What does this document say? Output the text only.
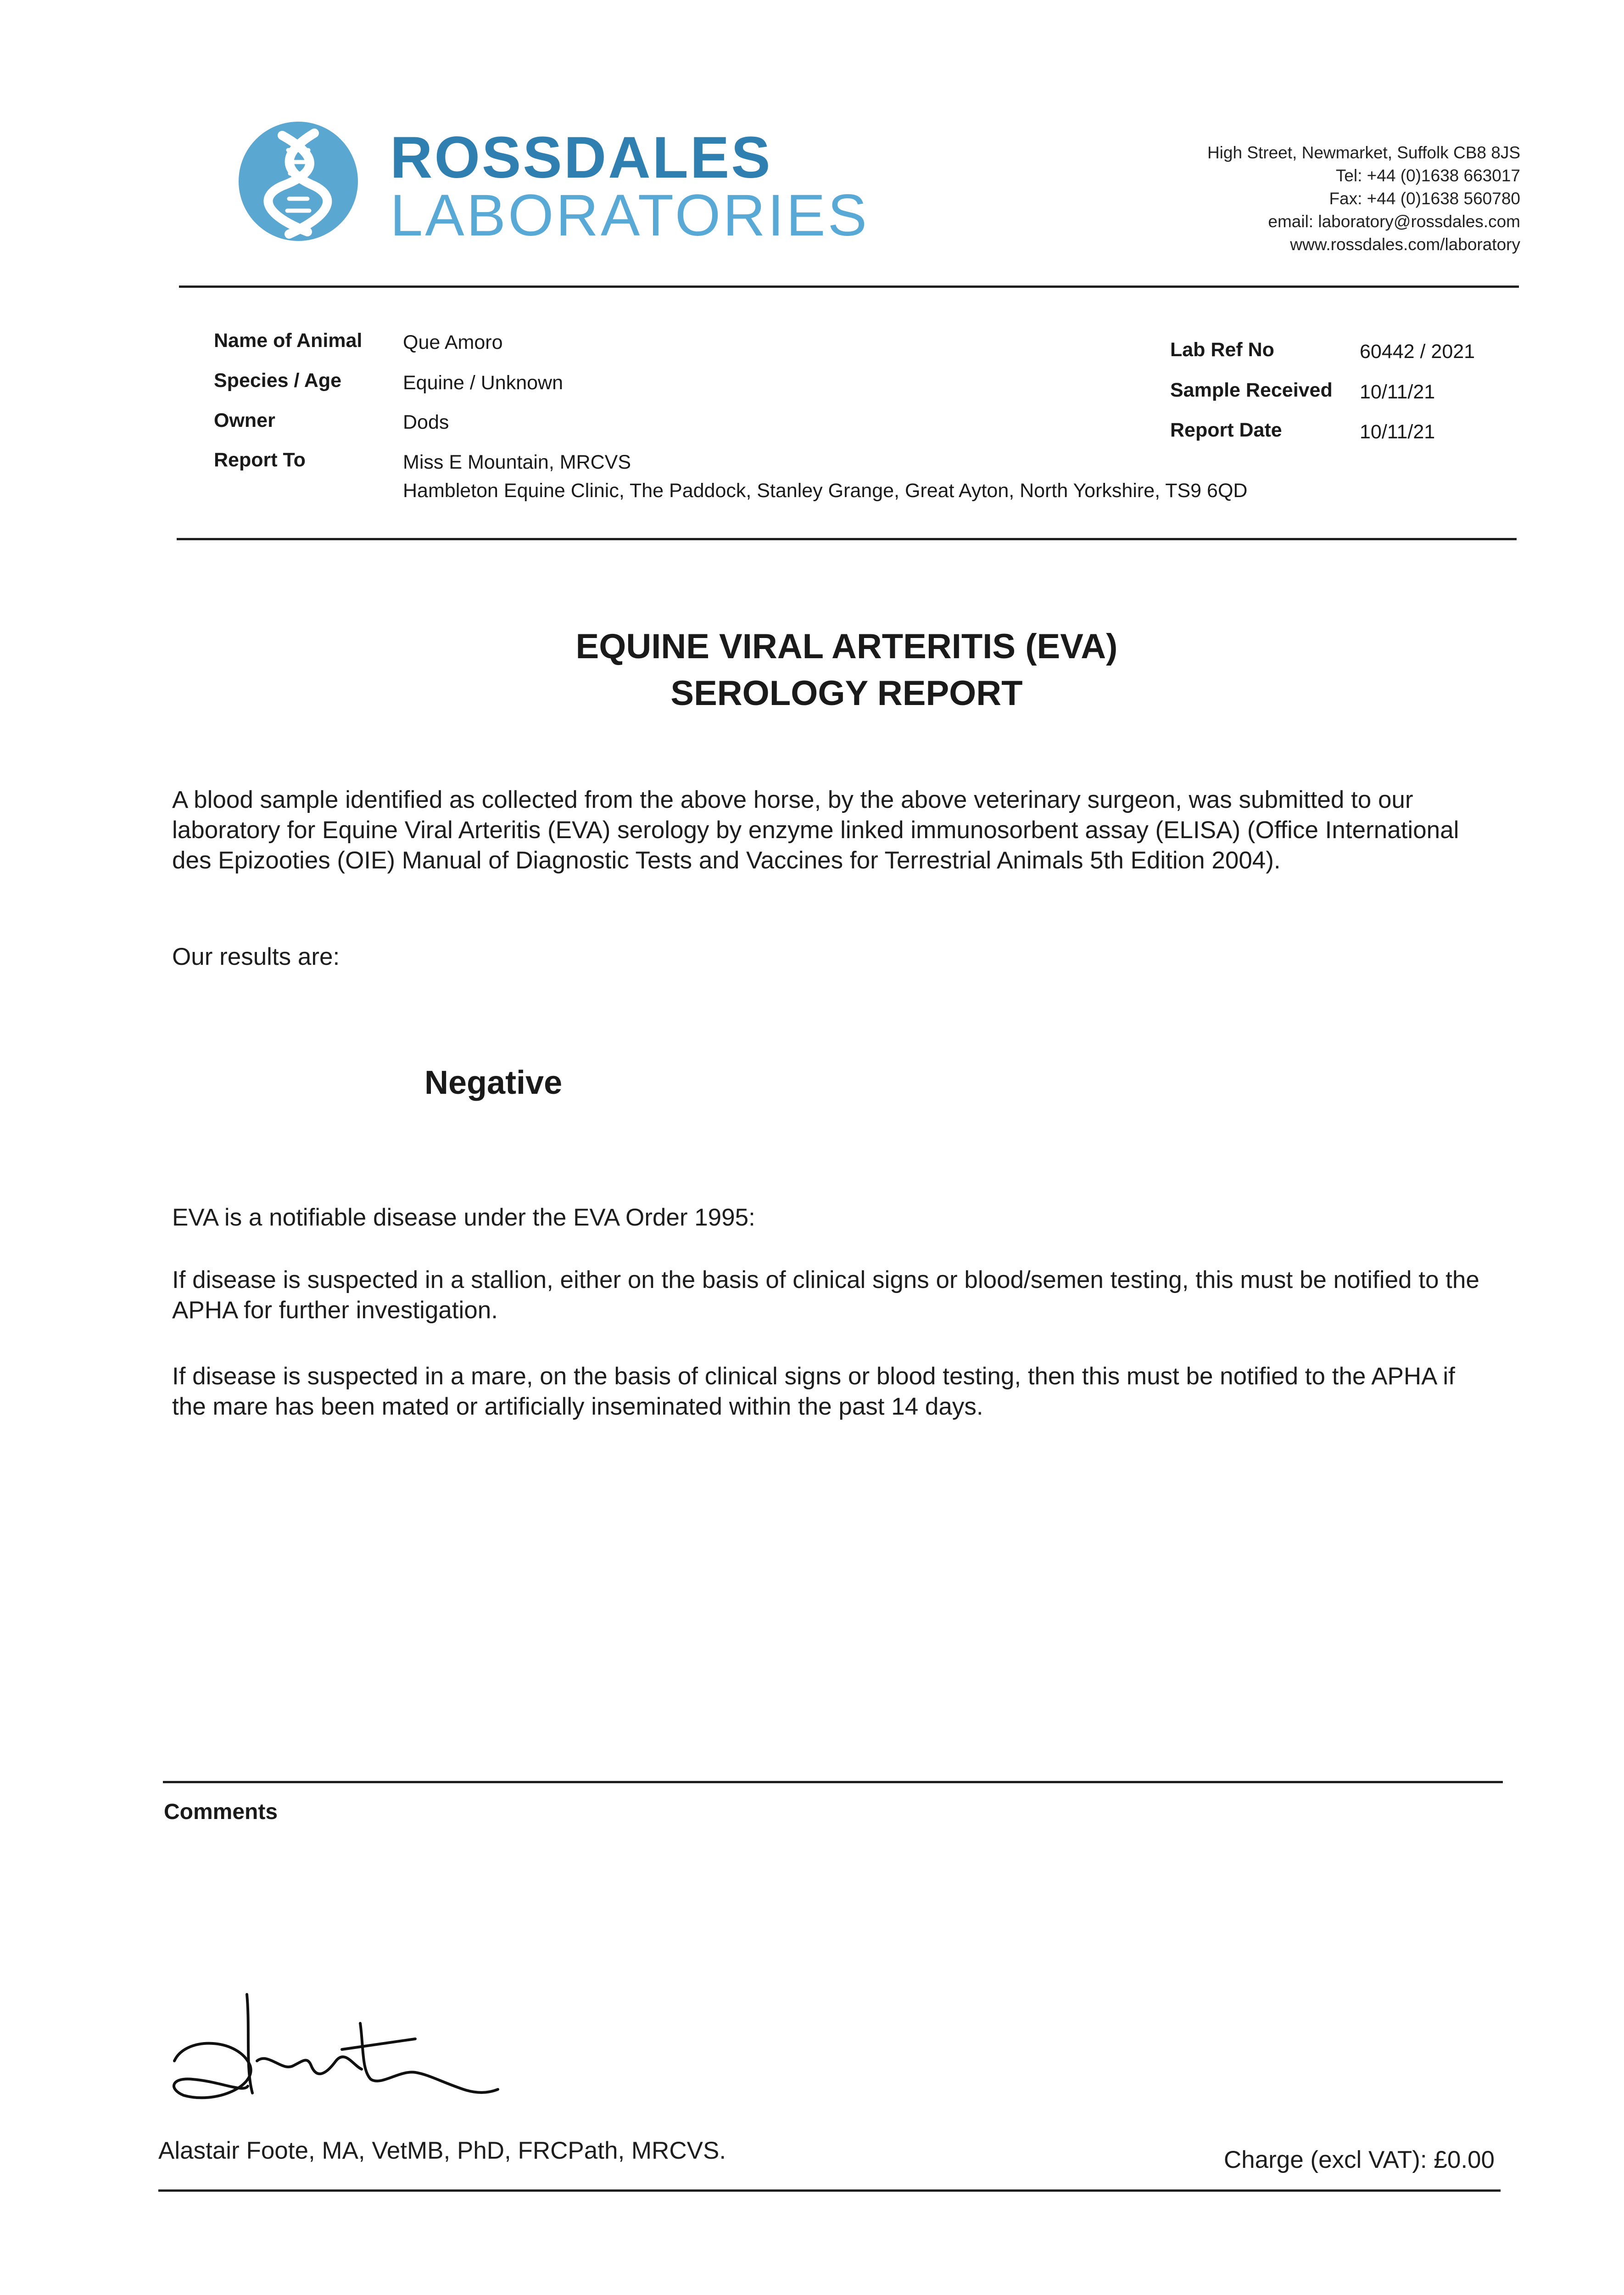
ROSSDALES
LABORATORIES
High Street, Newmarket, Suffolk CB8 8JS
Tel: +44 (0)1638 663017
Fax: +44 (0)1638 560780
email: laboratory@rossdales.com
www.rossdales.com/laboratory
Name of Animal Que Amoro
Species / Age	Equine / Unknown
Owner	Dods
Report To	Miss E Mountain, MRCVS
Hambleton Equine Clinic, The Paddock, Stanley Grange, Great Ayton, North Yorkshire, TS9 6QD
Lab Ref No	60442 / 2021
Sample Received 10/11/21
Report Date	10/11/21
EQUINE VIRAL ARTERITIS (EVA)
SEROLOGY REPORT
A blood sample identified as collected from the above horse, by the above veterinary surgeon, was submitted to our laboratory for Equine Viral Arteritis (EVA) serology by enzyme linked immunosorbent assay (ELISA) (Office International des Epizooties (OIE) Manual of Diagnostic Tests and Vaccines for Terrestrial Animals 5th Edition 2004).
Our results are:
Negative
EVA is a notifiable disease under the EVA Order 1995:
If disease is suspected in a stallion, either on the basis of clinical signs or blood/semen testing, this must be notified to the APHA for further investigation.
If disease is suspected in a mare, on the basis of clinical signs or blood testing, then this must be notified to the APHA if the mare has been mated or artificially inseminated within the past 14 days.
Comments
Alastair Foote, MA, VetMB, PhD, FRCPath, MRCVS.	Charge (excl VAT): £0.00
